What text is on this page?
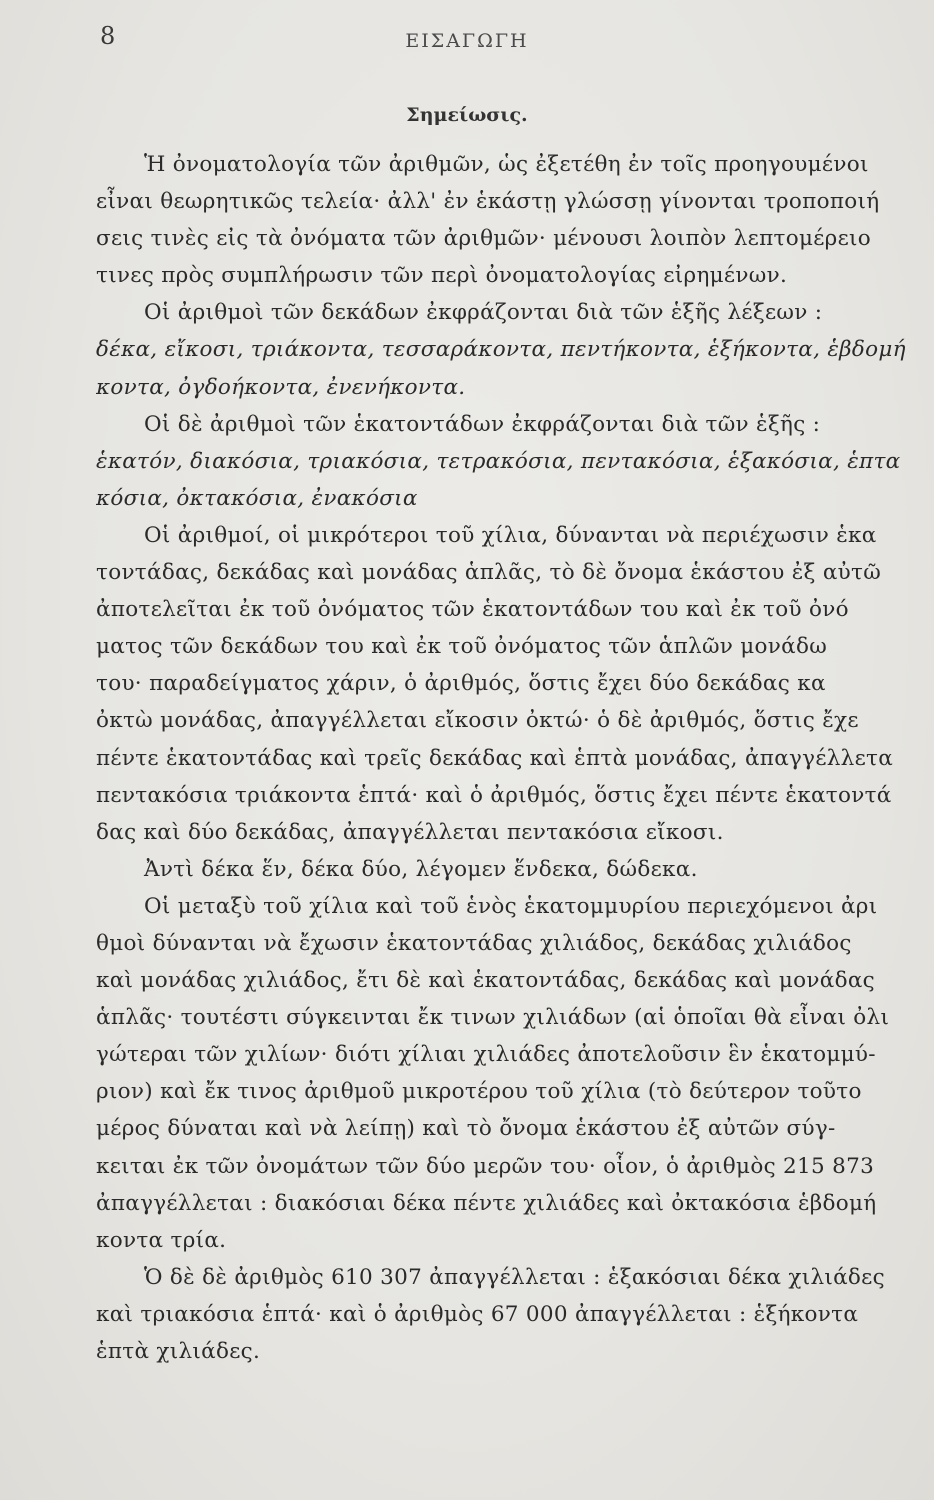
8	ΕΙΣΑΓΩΓΗ
Σημείωσις.
Ἡ ὀνοματολογία τῶν ἀριθμῶν, ὡς ἐξετέθη ἐν τοῖς προηγουμένοι
εἶναι θεωρητικῶς τελεία· ἀλλ' ἐν ἑκάστῃ γλώσσῃ γίνονται τροποποιή
σεις τινὲς εἰς τὰ ὀνόματα τῶν ἀριθμῶν· μένουσι λοιπὸν λεπτομέρειο
τινες πρὸς συμπλήρωσιν τῶν περὶ ὀνοματολογίας εἰρημένων.
Οἱ ἀριθμοὶ τῶν δεκάδων ἐκφράζονται διὰ τῶν ἑξῆς λέξεων :
δέκα, εἴκοσι, τριάκοντα, τεσσαράκοντα, πεντήκοντα, ἑξήκοντα, ἑβδομή
κοντα, ὀγδοήκοντα, ἐνενήκοντα.
Οἱ δὲ ἀριθμοὶ τῶν ἑκατοντάδων ἐκφράζονται διὰ τῶν ἑξῆς :
ἑκατόν, διακόσια, τριακόσια, τετρακόσια, πεντακόσια, ἑξακόσια, ἑπτα
κόσια, ὀκτακόσια, ἐνακόσια
Οἱ ἀριθμοί, οἱ μικρότεροι τοῦ χίλια, δύνανται νὰ περιέχωσιν ἑκα
τοντάδας, δεκάδας καὶ μονάδας ἁπλᾶς, τὸ δὲ ὄνομα ἑκάστου ἐξ αὐτῶ
ἀποτελεῖται ἐκ τοῦ ὀνόματος τῶν ἑκατοντάδων του καὶ ἐκ τοῦ ὀνό
ματος τῶν δεκάδων του καὶ ἐκ τοῦ ὀνόματος τῶν ἁπλῶν μονάδω
του· παραδείγματος χάριν, ὁ ἀριθμός, ὅστις ἔχει δύο δεκάδας κα
ὀκτὼ μονάδας, ἀπαγγέλλεται εἴκοσιν ὀκτώ· ὁ δὲ ἀριθμός, ὅστις ἔχε
πέντε ἑκατοντάδας καὶ τρεῖς δεκάδας καὶ ἑπτὰ μονάδας, ἀπαγγέλλετα
πεντακόσια τριάκοντα ἑπτά· καὶ ὁ ἀριθμός, ὅστις ἔχει πέντε ἑκατοντά
δας καὶ δύο δεκάδας, ἀπαγγέλλεται πεντακόσια εἴκοσι.
Ἀντὶ δέκα ἕν, δέκα δύο, λέγομεν ἕνδεκα, δώδεκα.
Οἱ μεταξὺ τοῦ χίλια καὶ τοῦ ἑνὸς ἑκατομμυρίου περιεχόμενοι ἀρι
θμοὶ δύνανται νὰ ἔχωσιν ἑκατοντάδας χιλιάδος, δεκάδας χιλιάδος
καὶ μονάδας χιλιάδος, ἔτι δὲ καὶ ἑκατοντάδας, δεκάδας καὶ μονάδας
ἁπλᾶς· τουτέστι σύγκεινται ἔκ τινων χιλιάδων (αἱ ὁποῖαι θὰ εἶναι ὀλι
γώτεραι τῶν χιλίων· διότι χίλιαι χιλιάδες ἀποτελοῦσιν ἓν ἑκατομμύ-
ριον) καὶ ἔκ τινος ἀριθμοῦ μικροτέρου τοῦ χίλια (τὸ δεύτερον τοῦτο
μέρος δύναται καὶ νὰ λείπῃ) καὶ τὸ ὄνομα ἑκάστου ἐξ αὐτῶν σύγ-
κειται ἐκ τῶν ὀνομάτων τῶν δύο μερῶν του· οἷον, ὁ ἀριθμὸς 215 873
ἀπαγγέλλεται : διακόσιαι δέκα πέντε χιλιάδες καὶ ὀκτακόσια ἑβδομή
κοντα τρία.
Ὁ δὲ δὲ ἀριθμὸς 610 307 ἀπαγγέλλεται : ἑξακόσιαι δέκα χιλιάδες
καὶ τριακόσια ἑπτά· καὶ ὁ ἀριθμὸς 67 000 ἀπαγγέλλεται : ἑξήκοντα
ἑπτὰ χιλιάδες.
